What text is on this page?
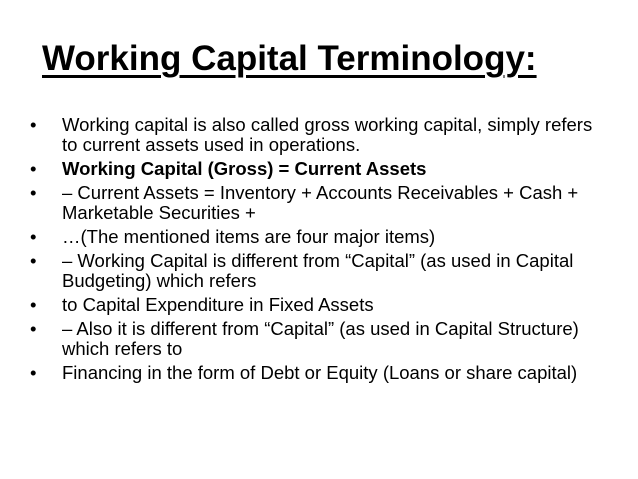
Working Capital Terminology:
• Working capital is also called gross working capital, simply refers to current assets used in operations.
• Working Capital (Gross) = Current Assets
• – Current Assets = Inventory + Accounts Receivables + Cash + Marketable Securities +
• …(The mentioned items are four major items)
• – Working Capital is different from “Capital” (as used in Capital Budgeting) which refers
• to Capital Expenditure in Fixed Assets
• – Also it is different from “Capital” (as used in Capital Structure) which refers to
• Financing in the form of Debt or Equity (Loans or share capital)
